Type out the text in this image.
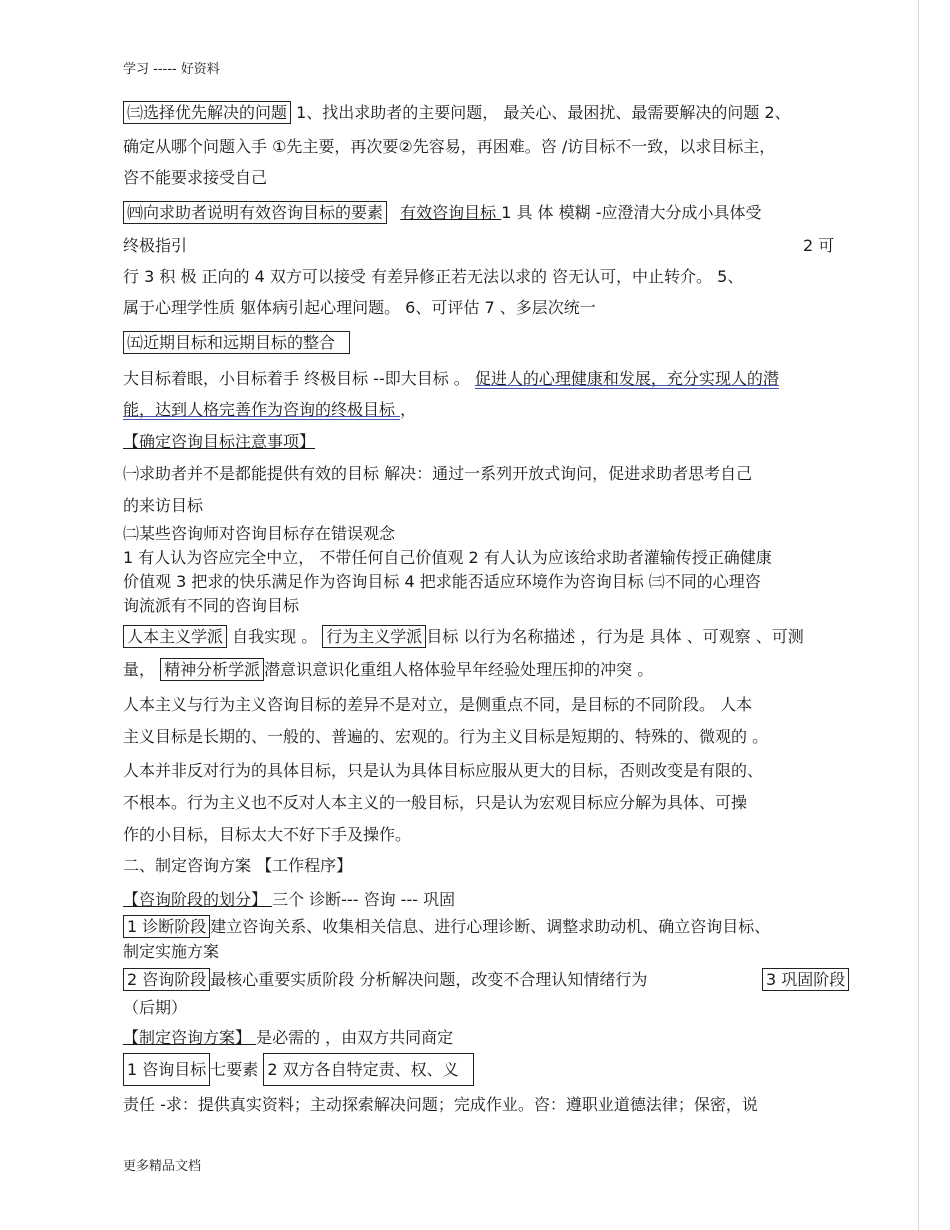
学习 ----- 好资料
㈢选择优先解决的问题 1、找出求助者的主要问题， 最关心、最困扰、最需要解决的问题 2、
确定从哪个问题入手 ①先主要，再次要②先容易，再困难。咨 /访目标不一致，以求目标主，
咨不能要求接受自己
㈣向求助者说明有效咨询目标的要素 有效咨询目标 1 具 体 模糊 -应澄清大分成小具体受
终极指引	2 可
行 3 积 极 正向的 4 双方可以接受 有差异修正若无法以求的 咨无认可，中止转介。 5、
属于心理学性质 躯体病引起心理问题。 6、可评估 7 、多层次统一
㈤近期目标和远期目标的整合
大目标着眼，小目标着手 终极目标 --即大目标 。 促进人的心理健康和发展，充分实现人的潜
能，达到人格完善作为咨询的终极目标 ，
【确定咨询目标注意事项】
㈠求助者并不是都能提供有效的目标 解决：通过一系列开放式询问，促进求助者思考自己
的来访目标
㈡某些咨询师对咨询目标存在错误观念
1 有人认为咨应完全中立， 不带任何自己价值观 2 有人认为应该给求助者灌输传授正确健康
价值观 3 把求的快乐满足作为咨询目标 4 把求能否适应环境作为咨询目标 ㈢不同的心理咨
询流派有不同的咨询目标
人本主义学派 自我实现 。 行为主义学派 目标 以行为名称描述 ，行为是 具体 、可观察 、可测
量， 精神分析学派 潜意识意识化重组人格体验早年经验处理压抑的冲突 。
人本主义与行为主义咨询目标的差异不是对立，是侧重点不同，是目标的不同阶段。 人本
主义目标是长期的、一般的、普遍的、宏观的。行为主义目标是短期的、特殊的、微观的 。
人本并非反对行为的具体目标，只是认为具体目标应服从更大的目标，否则改变是有限的、
不根本。行为主义也不反对人本主义的一般目标，只是认为宏观目标应分解为具体、可操
作的小目标，目标太大不好下手及操作。
二、制定咨询方案 【工作程序】
【咨询阶段的划分】 三个 诊断--- 咨询 --- 巩固
1 诊断阶段 建立咨询关系、收集相关信息、进行心理诊断、调整求助动机、确立咨询目标、
制定实施方案
2 咨询阶段 最核心重要实质阶段 分析解决问题，改变不合理认知情绪行为	3 巩固阶段
（后期）
【制定咨询方案】 是必需的 ，由双方共同商定
1 咨询目标 七要素 2 双方各自特定责、权、义
责任 -求：提供真实资料；主动探索解决问题；完成作业。咨：遵职业道德法律；保密，说
更多精品文档
